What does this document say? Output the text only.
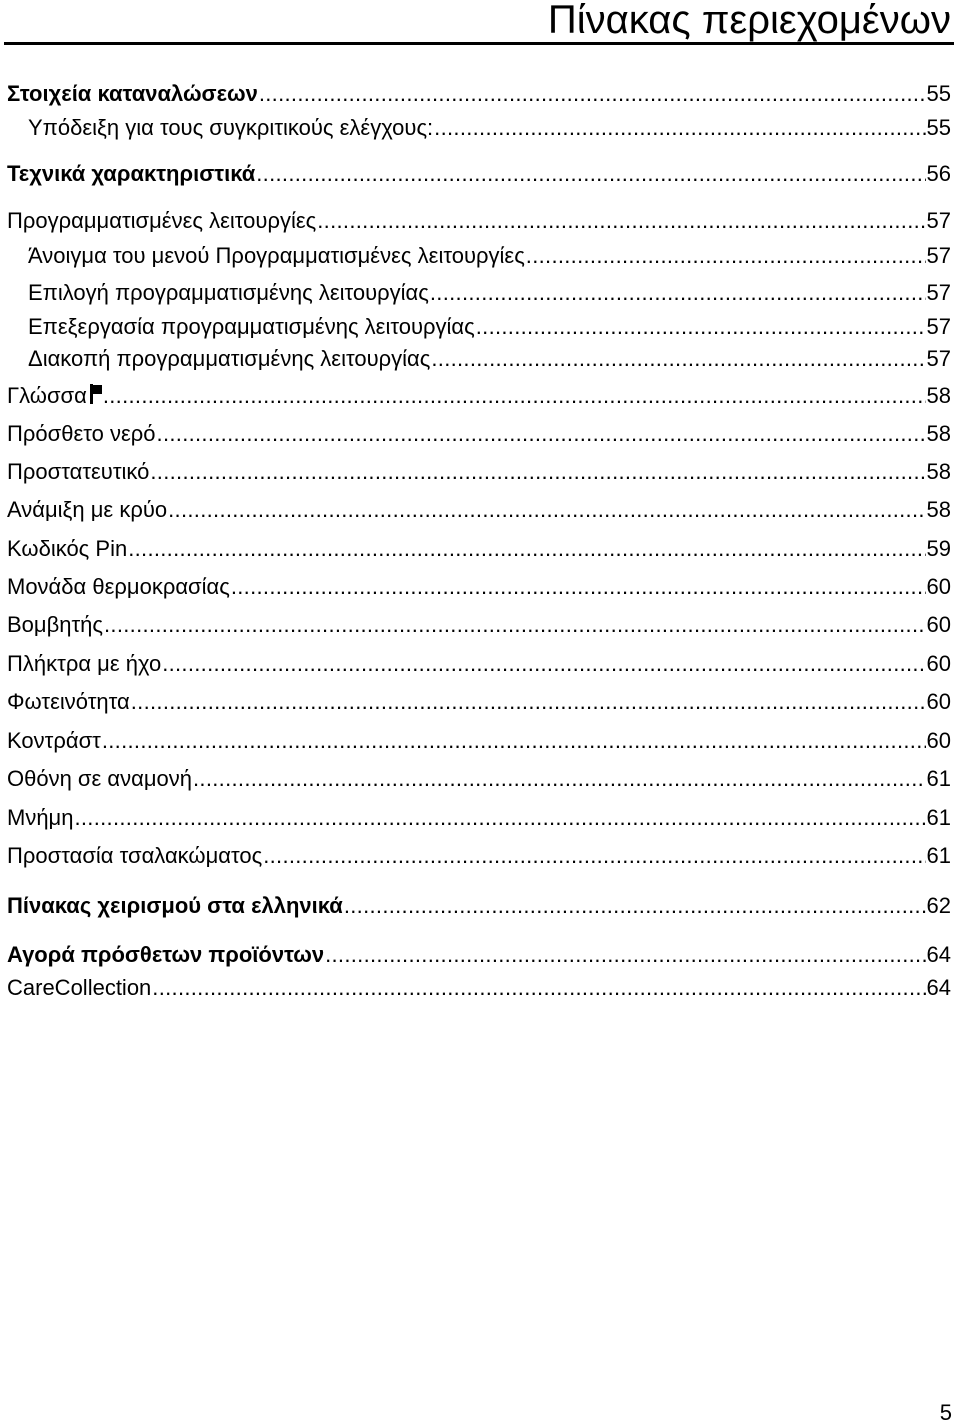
Πίνακας περιεχομένων
Στοιχεία καταναλώσεων .....	55
Υπόδειξη για τους συγκριτικούς ελέγχους: .....	55
Τεχνικά χαρακτηριστικά .....	56
Προγραμματισμένες λειτουργίες .....	57
Άνοιγμα του μενού Προγραμματισμένες λειτουργίες .....	57
Επιλογή προγραμματισμένης λειτουργίας .....	57
Επεξεργασία προγραμματισμένης λειτουργίας .....	57
Διακοπή προγραμματισμένης λειτουργίας .....	57
Γλώσσα .....	58
Πρόσθετο νερό .....	58
Προστατευτικό .....	58
Ανάμιξη με κρύο .....	58
Κωδικός Pin .....	59
Μονάδα θερμοκρασίας .....	60
Βομβητής .....	60
Πλήκτρα με ήχο .....	60
Φωτεινότητα .....	60
Κοντράστ .....	60
Οθόνη σε αναμονή .....	61
Μνήμη .....	61
Προστασία τσαλακώματος .....	61
Πίνακας χειρισμού στα ελληνικά .....	62
Αγορά πρόσθετων προϊόντων .....	64
CareCollection .....	64
5
